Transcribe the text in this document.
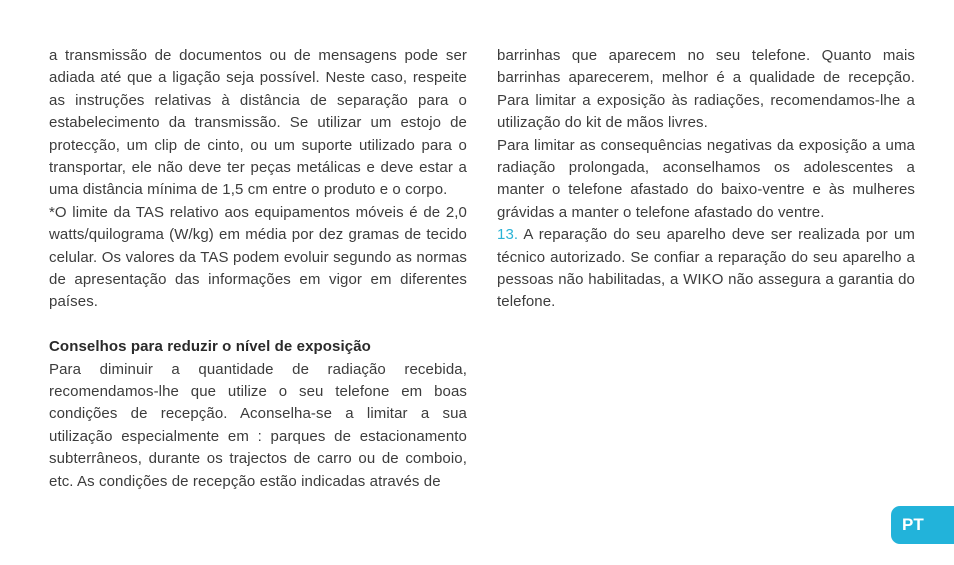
a transmissão de documentos ou de mensagens pode ser adiada até que a ligação seja possível. Neste caso, respeite as instruções relativas à distância de separação para o estabelecimento da transmissão. Se utilizar um estojo de protecção, um clip de cinto, ou um suporte utilizado para o transportar, ele não deve ter peças metálicas e deve estar a uma distância mínima de 1,5 cm entre o produto e o corpo.

*O limite da TAS relativo aos equipamentos móveis é de 2,0 watts/quilograma (W/kg) em média por dez gramas de tecido celular. Os valores da TAS podem evoluir segundo as normas de apresentação das informações em vigor em diferentes países.

Conselhos para reduzir o nível de exposição

Para diminuir a quantidade de radiação recebida, recomendamos-lhe que utilize o seu telefone em boas condições de recepção. Aconselha-se a limitar a sua utilização especialmente em : parques de estacionamento subterrâneos, durante os trajectos de carro ou de comboio, etc. As condições de recepção estão indicadas através de

barrinhas que aparecem no seu telefone. Quanto mais barrinhas aparecerem, melhor é a qualidade de recepção. Para limitar a exposição às radiações, recomendamos-lhe a utilização do kit de mãos livres.

Para limitar as consequências negativas da exposição a uma radiação prolongada, aconselhamos os adolescentes a manter o telefone afastado do baixo-ventre e às mulheres grávidas a manter o telefone afastado do ventre.

13. A reparação do seu aparelho deve ser realizada por um técnico autorizado. Se confiar a reparação do seu aparelho a pessoas não habilitadas, a WIKO não assegura a garantia do telefone.

PT
